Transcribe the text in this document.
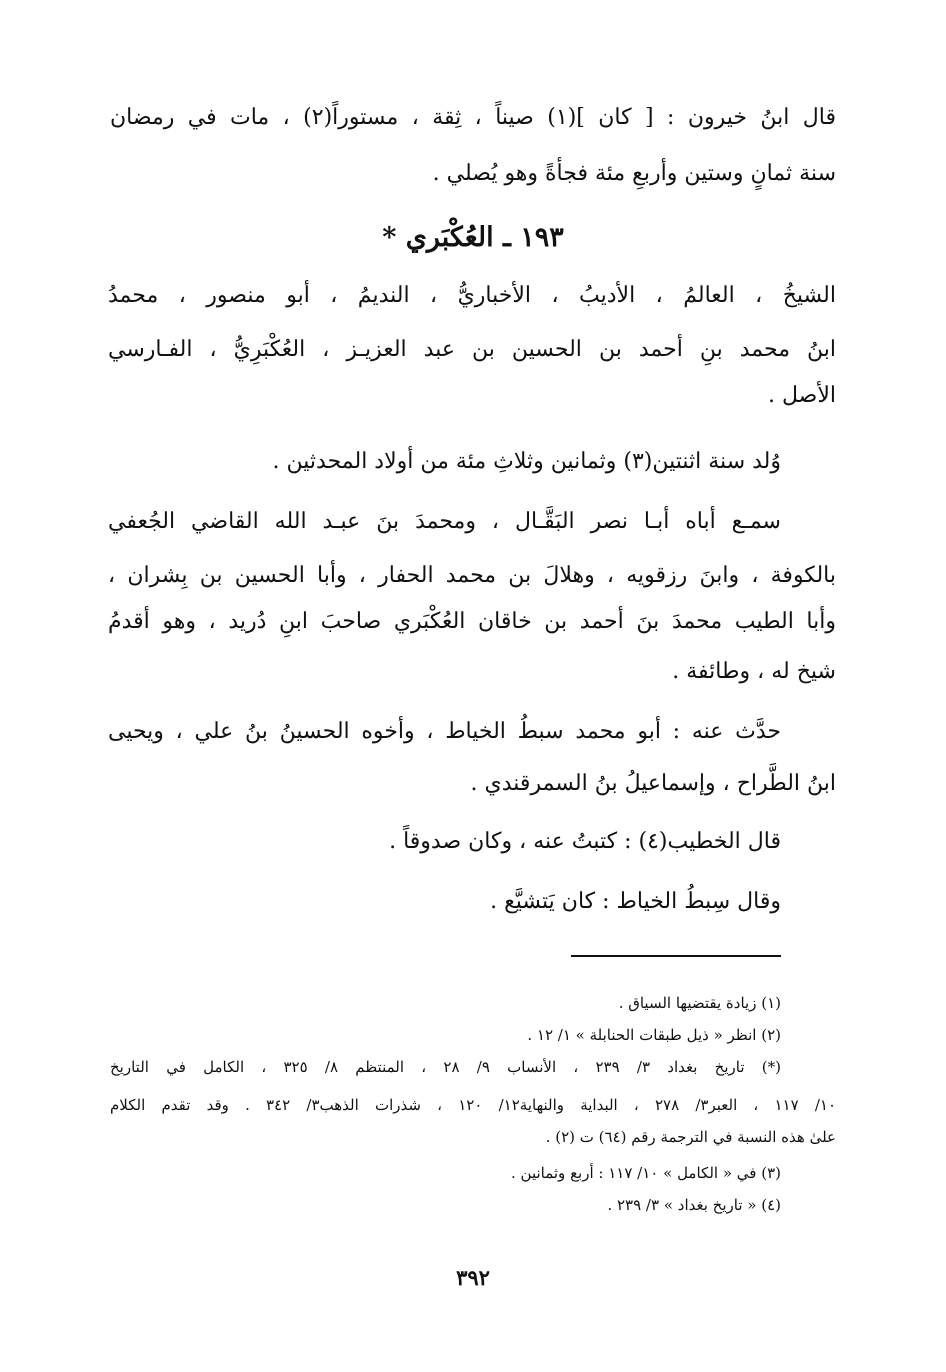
قال ابنُ خيرون : [ كان ](١) صيناً ، ثِقة ، مستوراً(٢) ، مات في رمضان
سنة ثمانٍ وستين وأربعِ مئة فجأةً وهو يُصلي .
١٩٣ ـ العُكْبَري *
الشيخُ ، العالمُ ، الأديبُ ، الأخباريُّ ، النديمُ ، أبو منصور ، محمدُ
ابنُ محمد بنِ أحمد بن الحسين بن عبد العزيـز ، العُكْبَرِيُّ ، الفـارسي
الأصل .
وُلد سنة اثنتين(٣) وثمانين وثلاثِ مئة من أولاد المحدثين .
سمـع أباه أبـا نصر البَقَّـال ، ومحمدَ بنَ عبـد الله القاضي الجُعفي
بالكوفة ، وابنَ رزقويه ، وهلالَ بن محمد الحفار ، وأبا الحسين بن بِشران ،
وأبا الطيب محمدَ بنَ أحمد بن خاقان العُكْبَري صاحبَ ابنِ دُريد ، وهو أقدمُ
شيخ له ، وطائفة .
حدَّث عنه : أبو محمد سبطُ الخياط ، وأخوه الحسينُ بنُ علي ، ويحيى
ابنُ الطَّراح ، وإسماعيلُ بنُ السمرقندي .
قال الخطيب(٤) : كتبتُ عنه ، وكان صدوقاً .
وقال سِبطُ الخياط : كان يَتشيَّع .
(١) زيادة يقتضيها السياق .
(٢) انظر « ذيل طبقات الحنابلة » ١/ ١٢ .
(*) تاريخ بغداد ٣/ ٢٣٩ ، الأنساب ٩/ ٢٨ ، المنتظم ٨/ ٣٢٥ ، الكامل في التاريخ
١٠/ ١١٧ ، العبر٣/ ٢٧٨ ، البداية والنهاية١٢/ ١٢٠ ، شذرات الذهب٣/ ٣٤٢ . وقد تقدم الكلام
علىٰ هذه النسبة في الترجمة رقم (٦٤) ت (٢) .
(٣) في « الكامل » ١٠/ ١١٧ : أربع وثمانين .
(٤) « تاريخ بغداد » ٣/ ٢٣٩ .
٣٩٢
